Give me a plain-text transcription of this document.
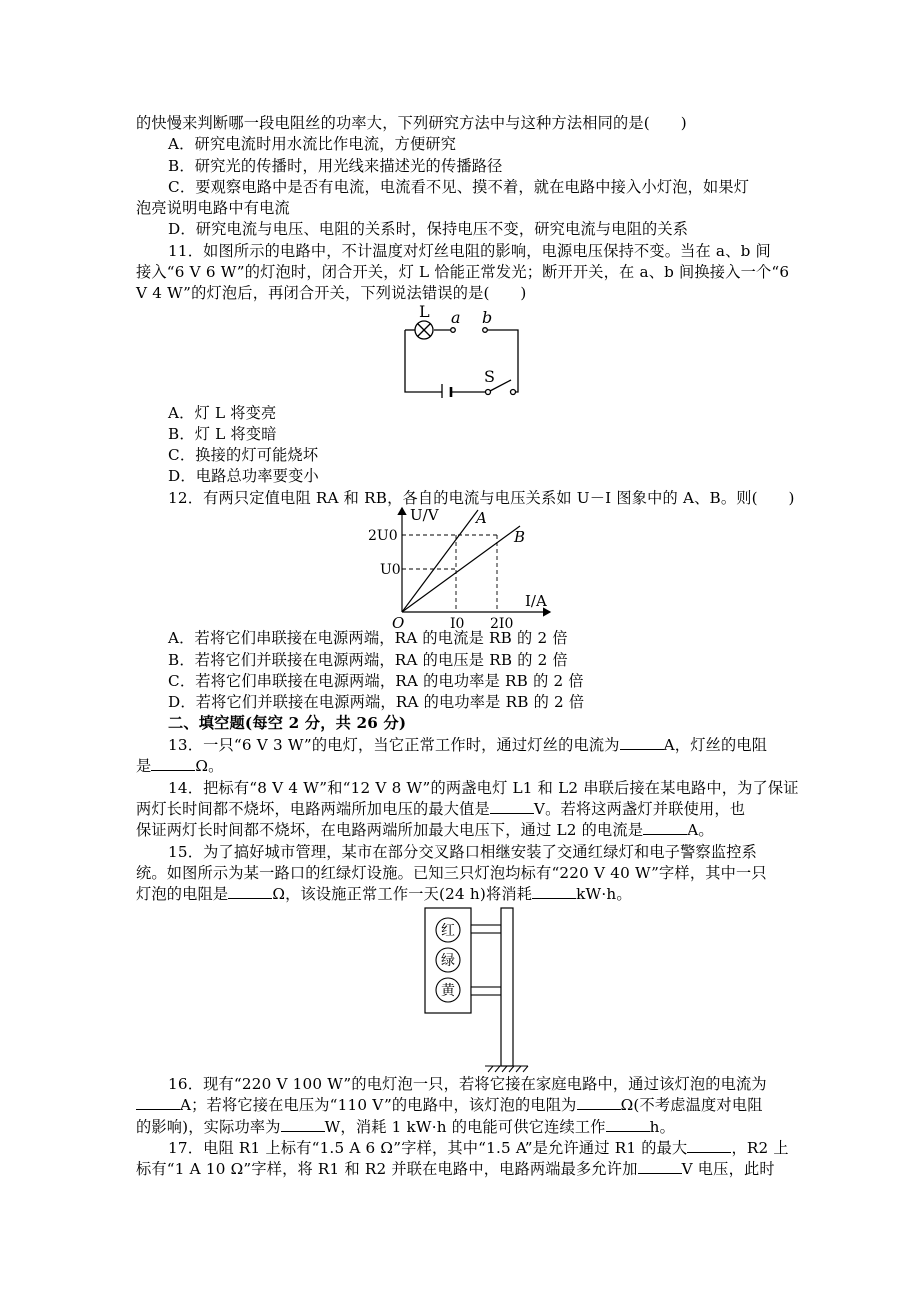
的快慢来判断哪一段电阻丝的功率大，下列研究方法中与这种方法相同的是(　　)
A．研究电流时用水流比作电流，方便研究
B．研究光的传播时，用光线来描述光的传播路径
C．要观察电路中是否有电流，电流看不见、摸不着，就在电路中接入小灯泡，如果灯
泡亮说明电路中有电流
D．研究电流与电压、电阻的关系时，保持电压不变，研究电流与电阻的关系
11．如图所示的电路中，不计温度对灯丝电阻的影响，电源电压保持不变。当在 a、b 间
接入“6 V 6 W”的灯泡时，闭合开关，灯 L 恰能正常发光；断开开关，在 a、b 间换接入一个“6
V 4 W”的灯泡后，再闭合开关，下列说法错误的是(　　)
L a b
S
A．灯 L 将变亮
B．灯 L 将变暗
C．换接的灯可能烧坏
D．电路总功率要变小
12．有两只定值电阻 RA 和 RB，各自的电流与电压关系如 U－I 图象中的 A、B。则(　　)
U/V
I/A
O
2U0
U0
I0 2I0
A
B
A．若将它们串联接在电源两端，RA 的电流是 RB 的 2 倍
B．若将它们并联接在电源两端，RA 的电压是 RB 的 2 倍
C．若将它们串联接在电源两端，RA 的电功率是 RB 的 2 倍
D．若将它们并联接在电源两端，RA 的电功率是 RB 的 2 倍
二、填空题(每空 2 分，共 26 分)
13．一只“6 V 3 W”的电灯，当它正常工作时，通过灯丝的电流为	A，灯丝的电阻
是	Ω。
14．把标有“8 V 4 W”和“12 V 8 W”的两盏电灯 L1 和 L2 串联后接在某电路中，为了保证
两灯长时间都不烧坏，电路两端所加电压的最大值是	V。若将这两盏灯并联使用，也
保证两灯长时间都不烧坏，在电路两端所加最大电压下，通过 L2 的电流是	A。
15．为了搞好城市管理，某市在部分交叉路口相继安装了交通红绿灯和电子警察监控系
统。如图所示为某一路口的红绿灯设施。已知三只灯泡均标有“220 V 40 W”字样，其中一只
灯泡的电阻是	Ω，该设施正常工作一天(24 h)将消耗	kW·h。
红
绿
黄
16．现有“220 V 100 W”的电灯泡一只，若将它接在家庭电路中，通过该灯泡的电流为
A；若将它接在电压为“110 V”的电路中，该灯泡的电阻为	Ω(不考虑温度对电阻
的影响)，实际功率为	W，消耗 1 kW·h 的电能可供它连续工作	h。
17．电阻 R1 上标有“1.5 A 6 Ω”字样，其中“1.5 A”是允许通过 R1 的最大	，R2 上
标有“1 A 10 Ω”字样，将 R1 和 R2 并联在电路中，电路两端最多允许加	V 电压，此时
